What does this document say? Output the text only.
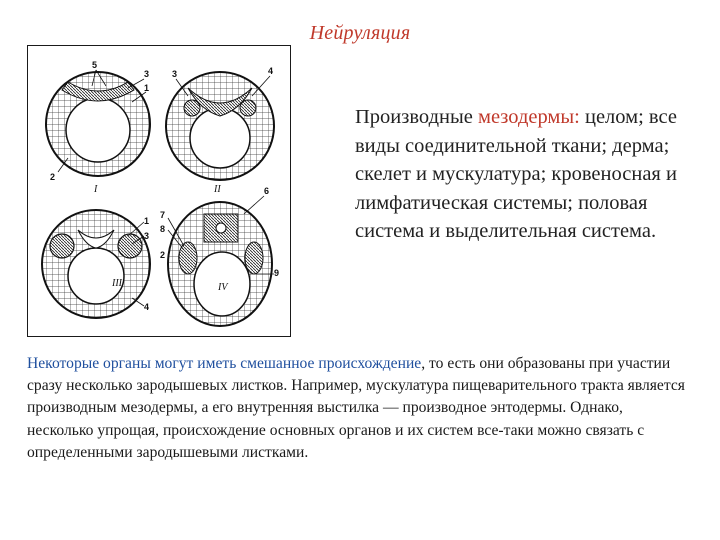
Нейруляция
5
3
1
3	4
2
I	II	6
1
3
7
8
2
III	IV
4
9
Производные мезодермы: целом; все виды соединительной ткани; дерма; скелет и мускулатура; кровеносная и лимфатическая системы; половая система и выделительная система.
Некоторые органы могут иметь смешанное происхождение, то есть они образованы при участии сразу несколько зародышевых листков. Например, мускулатура пищеварительного тракта является производным мезодермы, а его внутренняя выстилка — производное энтодермы. Однако, несколько упрощая, происхождение основных органов и их систем все-таки можно связать с определенными зародышевыми листками.
